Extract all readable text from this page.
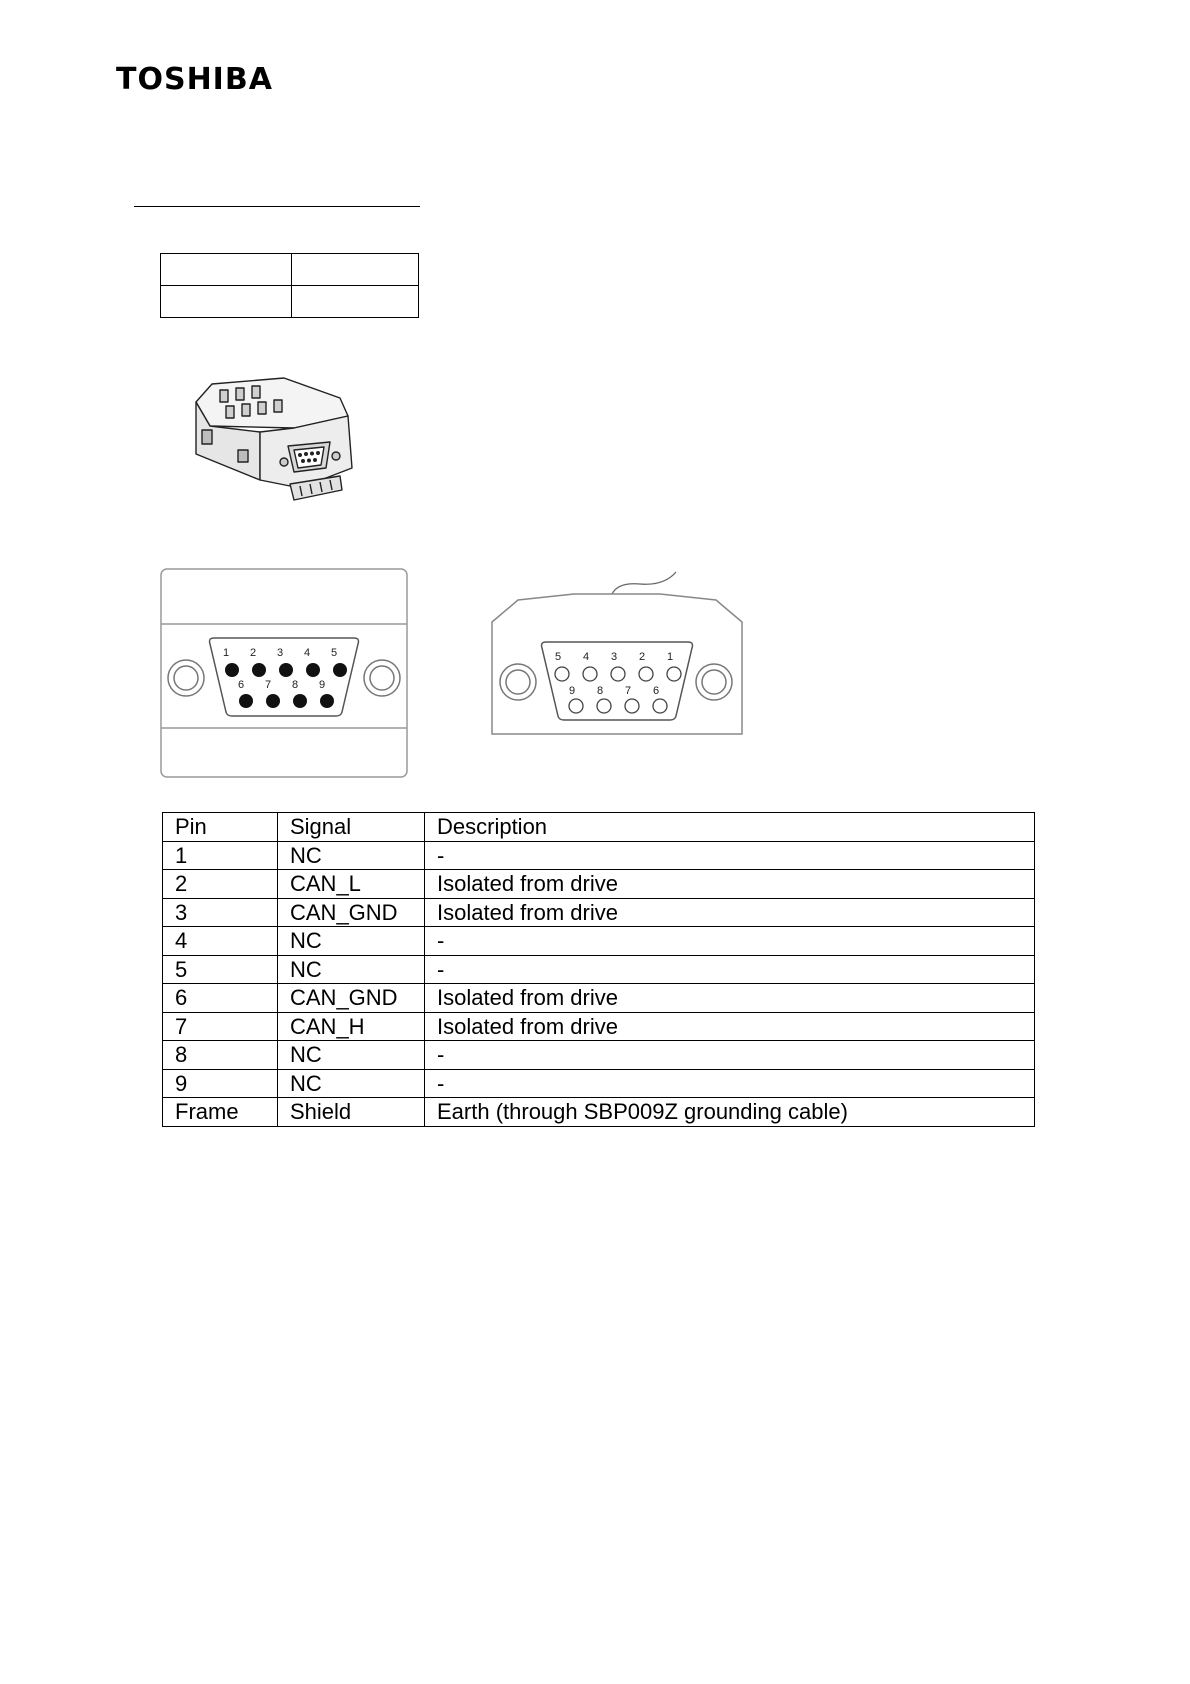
TOSHIBA

1 2 3 4 5
6 7 8 9
5 4 3 2 1
9 8 7 6
Pin	Signal	Description
1	NC	-
2	CAN_L	Isolated from drive
3	CAN_GND	Isolated from drive
4	NC	-
5	NC	-
6	CAN_GND	Isolated from drive
7	CAN_H	Isolated from drive
8	NC	-
9	NC	-
Frame	Shield	Earth (through SBP009Z grounding cable)
